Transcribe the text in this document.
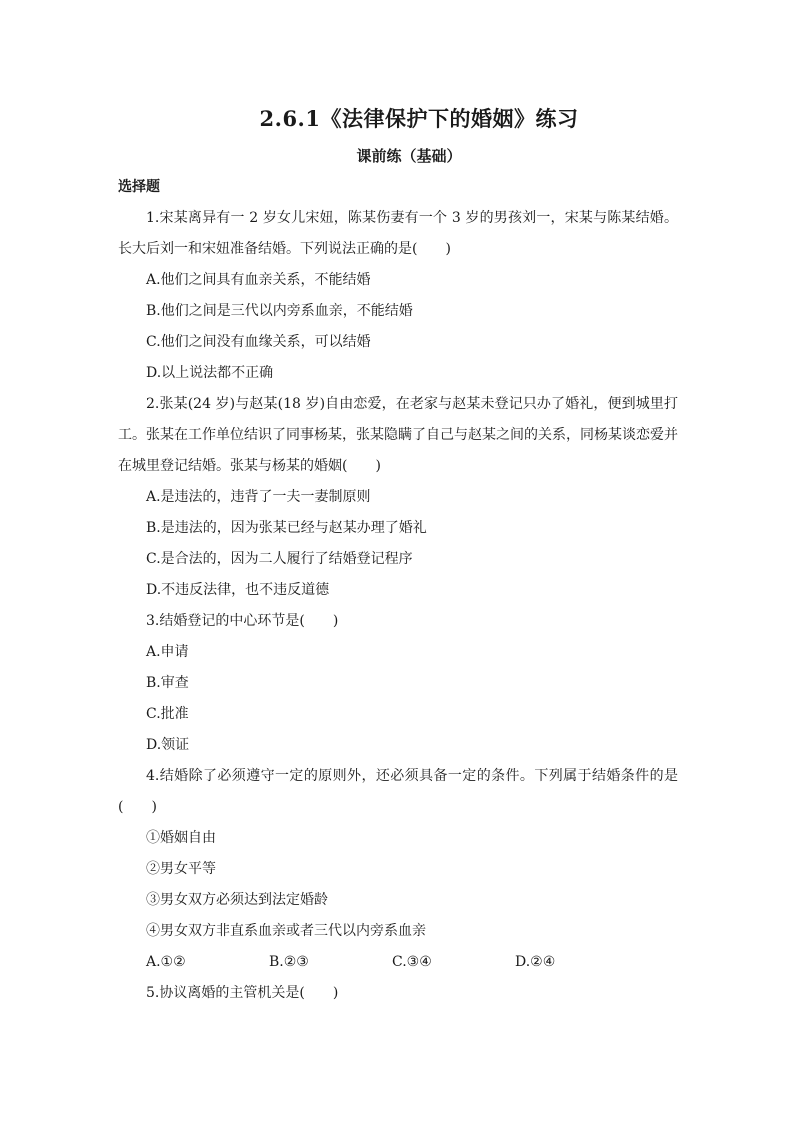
2.6.1《法律保护下的婚姻》练习
课前练（基础）
选择题
1.宋某离异有一 2 岁女儿宋妞，陈某伤妻有一个 3 岁的男孩刘一，宋某与陈某结婚。长大后刘一和宋妞准备结婚。下列说法正确的是(　　)
A.他们之间具有血亲关系，不能结婚
B.他们之间是三代以内旁系血亲，不能结婚
C.他们之间没有血缘关系，可以结婚
D.以上说法都不正确
2.张某(24 岁)与赵某(18 岁)自由恋爱，在老家与赵某未登记只办了婚礼，便到城里打工。张某在工作单位结识了同事杨某，张某隐瞒了自己与赵某之间的关系，同杨某谈恋爱并在城里登记结婚。张某与杨某的婚姻(　　)
A.是违法的，违背了一夫一妻制原则
B.是违法的，因为张某已经与赵某办理了婚礼
C.是合法的，因为二人履行了结婚登记程序
D.不违反法律，也不违反道德
3.结婚登记的中心环节是(　　)
A.申请
B.审查
C.批准
D.领证
4.结婚除了必须遵守一定的原则外，还必须具备一定的条件。下列属于结婚条件的是(　　)
①婚姻自由
②男女平等
③男女双方必须达到法定婚龄
④男女双方非直系血亲或者三代以内旁系血亲
A.①②	B.②③	C.③④	D.②④
5.协议离婚的主管机关是(　　)
